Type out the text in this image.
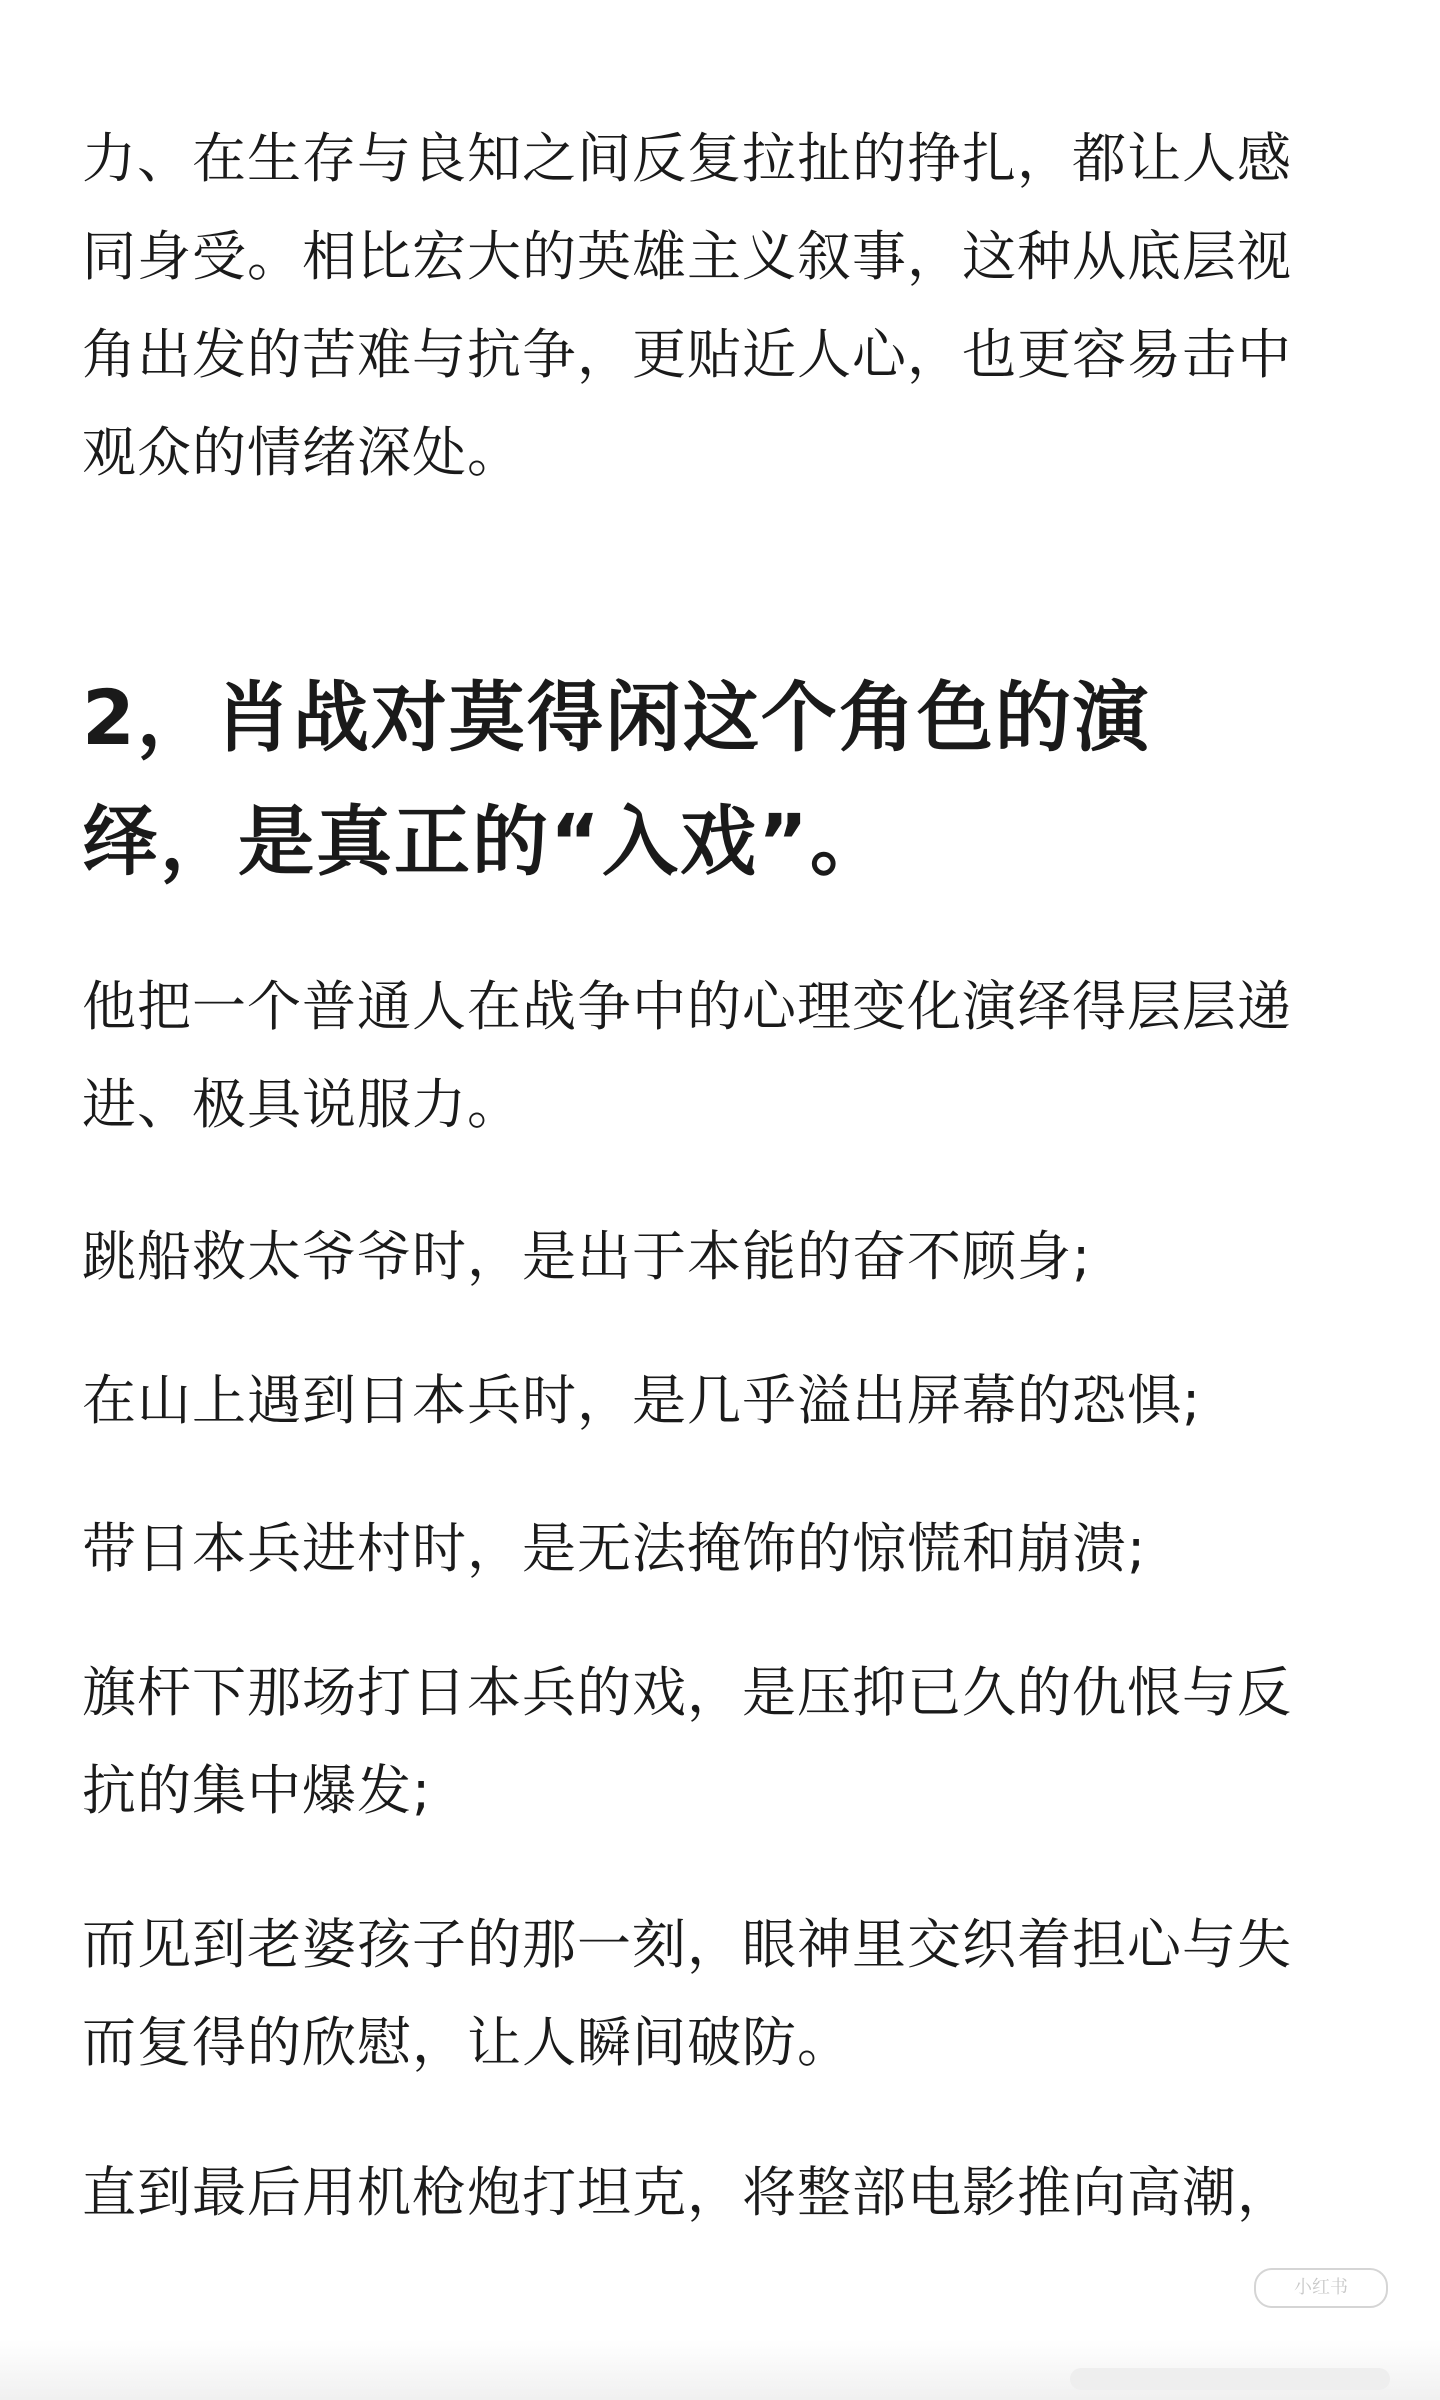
力、在生存与良知之间反复拉扯的挣扎，都让人感
同身受。相比宏大的英雄主义叙事，这种从底层视
角出发的苦难与抗争，更贴近人心，也更容易击中
观众的情绪深处。

2，肖战对莫得闲这个角色的演
绎，是真正的“入戏”。

他把一个普通人在战争中的心理变化演绎得层层递
进、极具说服力。

跳船救太爷爷时，是出于本能的奋不顾身;

在山上遇到日本兵时，是几乎溢出屏幕的恐惧;

带日本兵进村时，是无法掩饰的惊慌和崩溃;

旗杆下那场打日本兵的戏，是压抑已久的仇恨与反
抗的集中爆发;

而见到老婆孩子的那一刻，眼神里交织着担心与失
而复得的欣慰，让人瞬间破防。

直到最后用机枪炮打坦克，将整部电影推向高潮，

小红书
